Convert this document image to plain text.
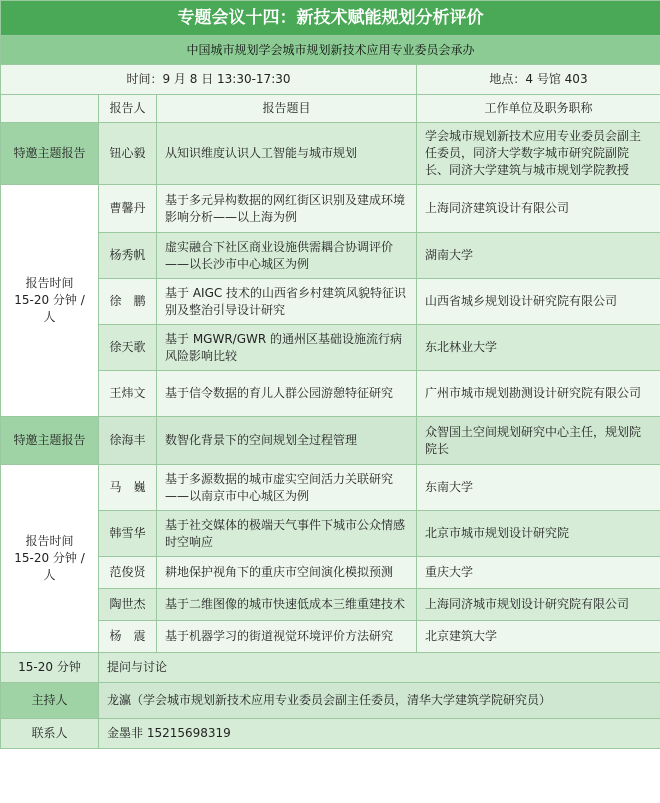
专题会议十四：新技术赋能规划分析评价			
中国城市规划学会城市规划新技术应用专业委员会承办			
时间：9 月 8 日 13:30-17:30			地点：4 号馆 403
	报告人	报告题目	工作单位及职务职称
特邀主题报告	钮心毅	从知识维度认识人工智能与城市规划	学会城市规划新技术应用专业委员会副主任委员，同济大学数字城市研究院副院长、同济大学建筑与城市规划学院教授
报告时间
15-20 分钟 / 人	曹馨丹	基于多元异构数据的网红街区识别及建成环境影响分析——以上海为例	上海同济建筑设计有限公司
	杨秀帆	虚实融合下社区商业设施供需耦合协调评价——以长沙市中心城区为例	湖南大学
	徐　鹏	基于 AIGC 技术的山西省乡村建筑风貌特征识别及整治引导设计研究	山西省城乡规划设计研究院有限公司
	徐天歌	基于 MGWR/GWR 的通州区基础设施流行病风险影响比较	东北林业大学
	王炜文	基于信令数据的育儿人群公园游憩特征研究	广州市城市规划勘测设计研究院有限公司
特邀主题报告	徐海丰	数智化背景下的空间规划全过程管理	众智国土空间规划研究中心主任，规划院院长
报告时间
15-20 分钟 / 人	马　巍	基于多源数据的城市虚实空间活力关联研究——以南京市中心城区为例	东南大学
	韩雪华	基于社交媒体的极端天气事件下城市公众情感时空响应	北京市城市规划设计研究院
	范俊贤	耕地保护视角下的重庆市空间演化模拟预测	重庆大学
	陶世杰	基于二维图像的城市快速低成本三维重建技术	上海同济城市规划设计研究院有限公司
	杨　震	基于机器学习的街道视觉环境评价方法研究	北京建筑大学
15-20 分钟	提问与讨论		
主持人	龙瀛（学会城市规划新技术应用专业委员会副主任委员，清华大学建筑学院研究员）		
联系人	金墨非 15215698319		
